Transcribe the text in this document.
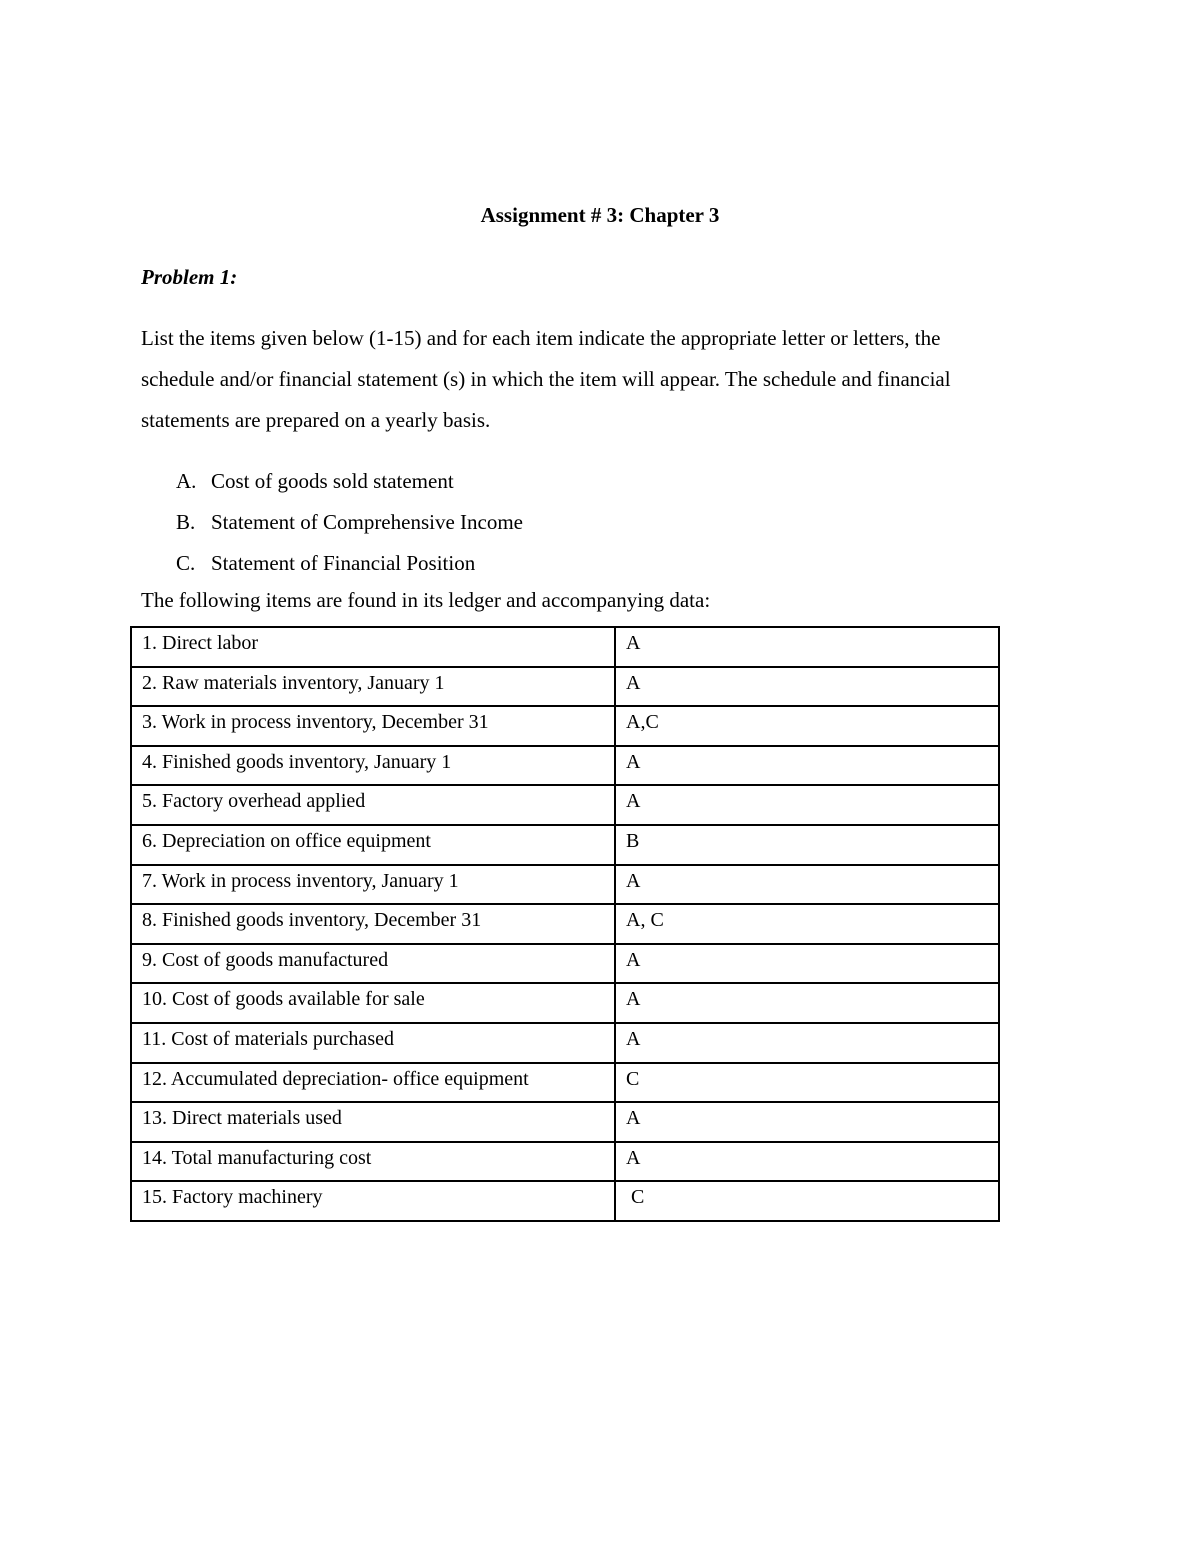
Assignment # 3: Chapter 3
Problem 1:

List the items given below (1-15) and for each item indicate the appropriate letter or letters, the

schedule and/or financial statement (s) in which the item will appear. The schedule and financial

statements are prepared on a yearly basis.

A. Cost of goods sold statement
B. Statement of Comprehensive Income
C. Statement of Financial Position
The following items are found in its ledger and accompanying data:
1. Direct labor	A
2. Raw materials inventory, January 1	A
3. Work in process inventory, December 31	A,C
4. Finished goods inventory, January 1	A
5. Factory overhead applied	A
6. Depreciation on office equipment	B
7. Work in process inventory, January 1	A
8. Finished goods inventory, December 31	A, C
9. Cost of goods manufactured	A
10. Cost of goods available for sale	A
11. Cost of materials purchased	A
12. Accumulated depreciation- office equipment	C
13. Direct materials used	A
14. Total manufacturing cost	A
15. Factory machinery	C
